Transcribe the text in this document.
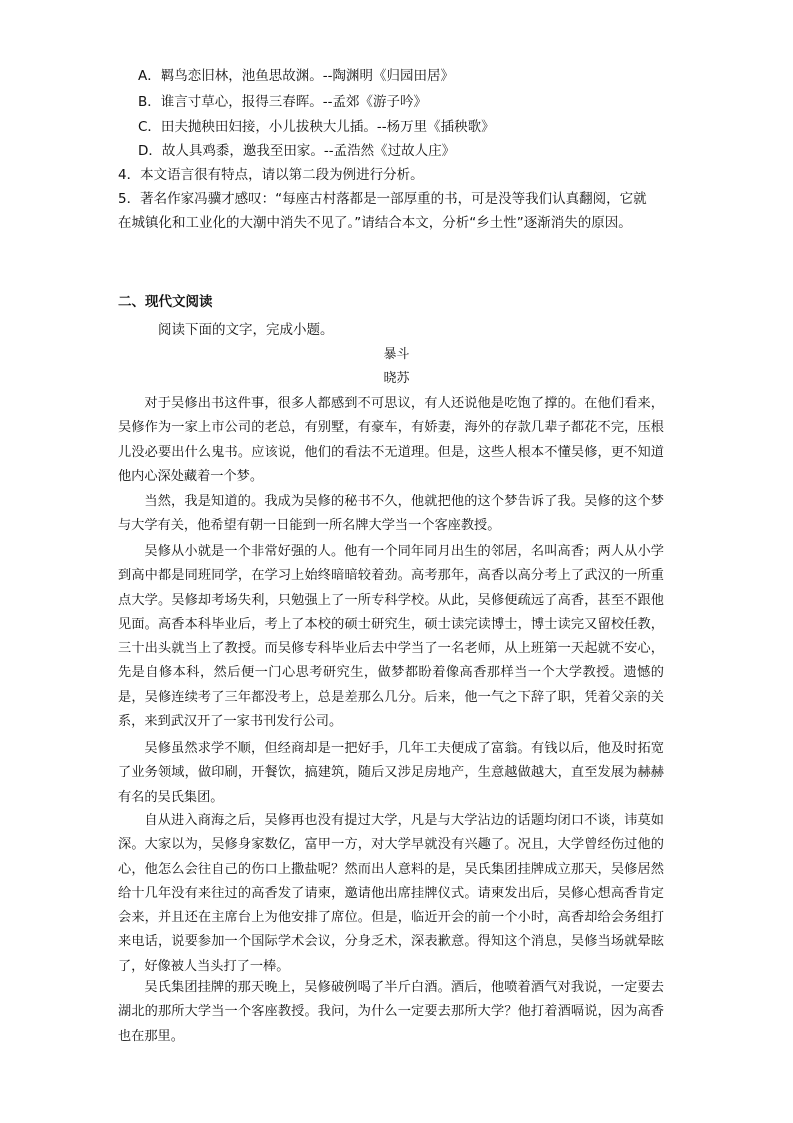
A．羁鸟恋旧林，池鱼思故渊。--陶渊明《归园田居》
B．谁言寸草心，报得三春晖。--孟郊《游子吟》
C．田夫抛秧田妇接，小儿拔秧大儿插。--杨万里《插秧歌》
D．故人具鸡黍，邀我至田家。--孟浩然《过故人庄》
4．本文语言很有特点，请以第二段为例进行分析。
5．著名作家冯骥才感叹：“每座古村落都是一部厚重的书，可是没等我们认真翻阅，它就
在城镇化和工业化的大潮中消失不见了。”请结合本文，分析“乡土性”逐渐消失的原因。
二、现代文阅读
阅读下面的文字，完成小题。
暴斗
晓苏
对于吴修出书这件事，很多人都感到不可思议，有人还说他是吃饱了撑的。在他们看来，吴修作为一家上市公司的老总，有别墅，有豪车，有娇妻，海外的存款几辈子都花不完，压根儿没必要出什么鬼书。应该说，他们的看法不无道理。但是，这些人根本不懂吴修，更不知道他内心深处藏着一个梦。
当然，我是知道的。我成为吴修的秘书不久，他就把他的这个梦告诉了我。吴修的这个梦与大学有关，他希望有朝一日能到一所名牌大学当一个客座教授。
吴修从小就是一个非常好强的人。他有一个同年同月出生的邻居，名叫高香；两人从小学到高中都是同班同学，在学习上始终暗暗较着劲。高考那年，高香以高分考上了武汉的一所重点大学。吴修却考场失利，只勉强上了一所专科学校。从此，吴修便疏远了高香，甚至不跟他见面。高香本科毕业后，考上了本校的硕士研究生，硕士读完读博士，博士读完又留校任教，三十出头就当上了教授。而吴修专科毕业后去中学当了一名老师，从上班第一天起就不安心，先是自修本科，然后便一门心思考研究生，做梦都盼着像高香那样当一个大学教授。遗憾的是，吴修连续考了三年都没考上，总是差那么几分。后来，他一气之下辞了职，凭着父亲的关系，来到武汉开了一家书刊发行公司。
吴修虽然求学不顺，但经商却是一把好手，几年工夫便成了富翁。有钱以后，他及时拓宽了业务领域，做印刷，开餐饮，搞建筑，随后又涉足房地产，生意越做越大，直至发展为赫赫有名的吴氏集团。
自从进入商海之后，吴修再也没有提过大学，凡是与大学沾边的话题均闭口不谈，讳莫如深。大家以为，吴修身家数亿，富甲一方，对大学早就没有兴趣了。况且，大学曾经伤过他的心，他怎么会往自己的伤口上撒盐呢？然而出人意料的是，吴氏集团挂牌成立那天，吴修居然给十几年没有来往过的高香发了请柬，邀请他出席挂牌仪式。请柬发出后，吴修心想高香肯定会来，并且还在主席台上为他安排了席位。但是，临近开会的前一个小时，高香却给会务组打来电话，说要参加一个国际学术会议，分身乏术，深表歉意。得知这个消息，吴修当场就晕眩了，好像被人当头打了一棒。
吴氏集团挂牌的那天晚上，吴修破例喝了半斤白酒。酒后，他喷着酒气对我说，一定要去湖北的那所大学当一个客座教授。我问，为什么一定要去那所大学？他打着酒嗝说，因为高香也在那里。
